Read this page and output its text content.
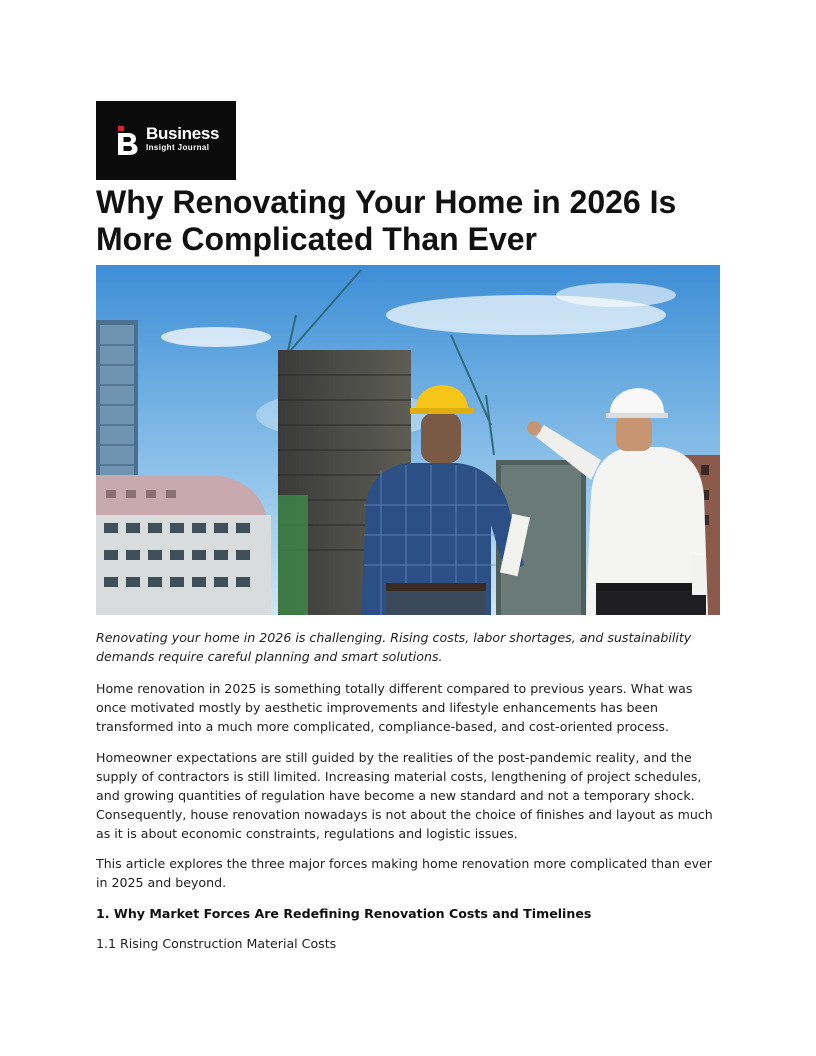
Business
Insight Journal
Why Renovating Your Home in 2026 Is More Complicated Than Ever

Renovating your home in 2026 is challenging. Rising costs, labor shortages, and sustainability demands require careful planning and smart solutions.

Home renovation in 2025 is something totally different compared to previous years. What was once motivated mostly by aesthetic improvements and lifestyle enhancements has been transformed into a much more complicated, compliance-based, and cost-oriented process.

Homeowner expectations are still guided by the realities of the post-pandemic reality, and the supply of contractors is still limited. Increasing material costs, lengthening of project schedules, and growing quantities of regulation have become a new standard and not a temporary shock. Consequently, house renovation nowadays is not about the choice of finishes and layout as much as it is about economic constraints, regulations and logistic issues.

This article explores the three major forces making home renovation more complicated than ever in 2025 and beyond.

1. Why Market Forces Are Redefining Renovation Costs and Timelines

1.1 Rising Construction Material Costs
